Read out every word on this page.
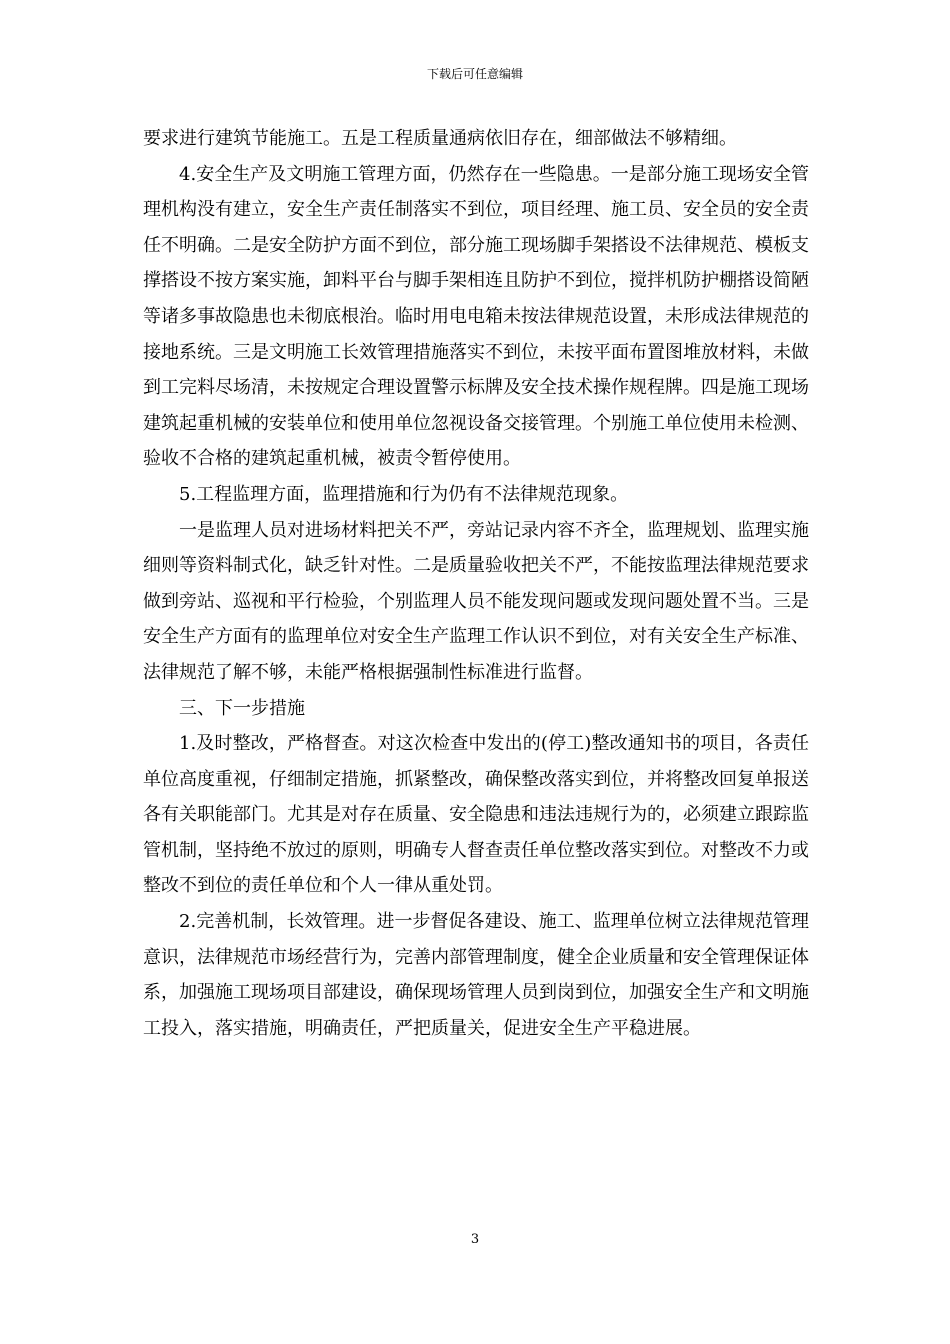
下载后可任意编辑

要求进行建筑节能施工。五是工程质量通病依旧存在，细部做法不够精细。

4.安全生产及文明施工管理方面，仍然存在一些隐患。一是部分施工现场安全管理机构没有建立，安全生产责任制落实不到位，项目经理、施工员、安全员的安全责任不明确。二是安全防护方面不到位，部分施工现场脚手架搭设不法律规范、模板支撑搭设不按方案实施，卸料平台与脚手架相连且防护不到位，搅拌机防护棚搭设简陋等诸多事故隐患也未彻底根治。临时用电电箱未按法律规范设置，未形成法律规范的接地系统。三是文明施工长效管理措施落实不到位，未按平面布置图堆放材料，未做到工完料尽场清，未按规定合理设置警示标牌及安全技术操作规程牌。四是施工现场建筑起重机械的安装单位和使用单位忽视设备交接管理。个别施工单位使用未检测、验收不合格的建筑起重机械，被责令暂停使用。

5.工程监理方面，监理措施和行为仍有不法律规范现象。

一是监理人员对进场材料把关不严，旁站记录内容不齐全，监理规划、监理实施细则等资料制式化，缺乏针对性。二是质量验收把关不严，不能按监理法律规范要求做到旁站、巡视和平行检验，个别监理人员不能发现问题或发现问题处置不当。三是安全生产方面有的监理单位对安全生产监理工作认识不到位，对有关安全生产标准、法律规范了解不够，未能严格根据强制性标准进行监督。

三、下一步措施

1.及时整改，严格督查。对这次检查中发出的(停工)整改通知书的项目，各责任单位高度重视，仔细制定措施，抓紧整改，确保整改落实到位，并将整改回复单报送各有关职能部门。尤其是对存在质量、安全隐患和违法违规行为的，必须建立跟踪监管机制，坚持绝不放过的原则，明确专人督查责任单位整改落实到位。对整改不力或整改不到位的责任单位和个人一律从重处罚。

2.完善机制，长效管理。进一步督促各建设、施工、监理单位树立法律规范管理意识，法律规范市场经营行为，完善内部管理制度，健全企业质量和安全管理保证体系，加强施工现场项目部建设，确保现场管理人员到岗到位，加强安全生产和文明施工投入，落实措施，明确责任，严把质量关，促进安全生产平稳进展。

3
